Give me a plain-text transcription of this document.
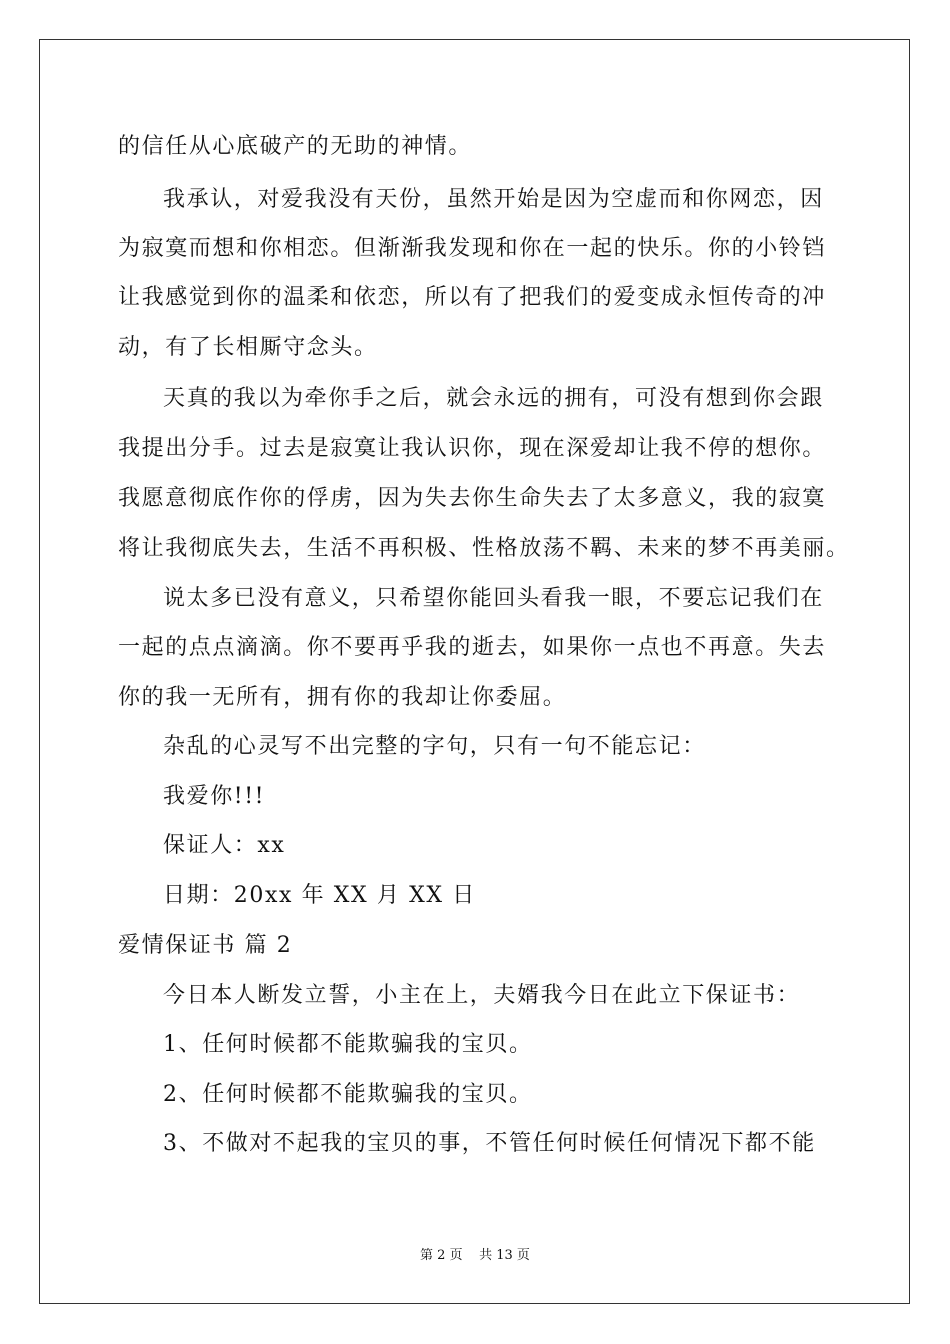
的信任从心底破产的无助的神情。
我承认，对爱我没有天份，虽然开始是因为空虚而和你网恋，因
为寂寞而想和你相恋。但渐渐我发现和你在一起的快乐。你的小铃铛
让我感觉到你的温柔和依恋，所以有了把我们的爱变成永恒传奇的冲
动，有了长相厮守念头。
天真的我以为牵你手之后，就会永远的拥有，可没有想到你会跟
我提出分手。过去是寂寞让我认识你，现在深爱却让我不停的想你。
我愿意彻底作你的俘虏，因为失去你生命失去了太多意义，我的寂寞
将让我彻底失去，生活不再积极、性格放荡不羁、未来的梦不再美丽。
说太多已没有意义，只希望你能回头看我一眼，不要忘记我们在
一起的点点滴滴。你不要再乎我的逝去，如果你一点也不再意。失去
你的我一无所有，拥有你的我却让你委屈。
杂乱的心灵写不出完整的字句，只有一句不能忘记：
我爱你!!!
保证人：xx
日期：20xx 年 XX 月 XX 日
爱情保证书 篇 2
今日本人断发立誓，小主在上，夫婿我今日在此立下保证书：
1、任何时候都不能欺骗我的宝贝。
2、任何时候都不能欺骗我的宝贝。
3、不做对不起我的宝贝的事，不管任何时候任何情况下都不能
第 2 页 共 13 页
